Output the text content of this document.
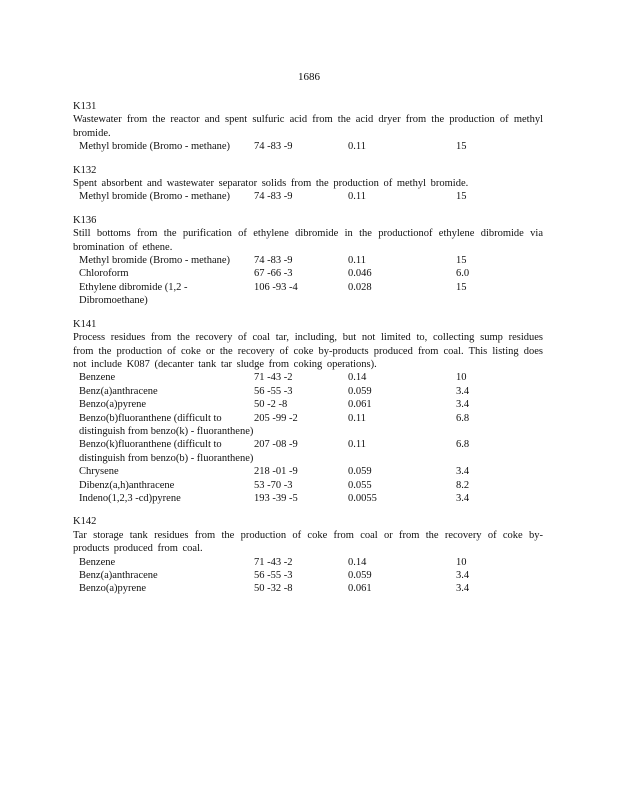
1686
K131
Wastewater from the reactor and spent sulfuric acid from the acid dryer from the production of methyl bromide.
Methyl bromide (Bromo - methane)	74 -83 -9	0.11	15
K132
Spent absorbent and wastewater separator solids from the production of methyl bromide.
Methyl bromide (Bromo - methane)	74 -83 -9	0.11	15
K136
Still bottoms from the purification of ethylene dibromide in the productionof ethylene dibromide via bromination of ethene.
Methyl bromide (Bromo - methane)	74 -83 -9	0.11	15
Chloroform	67 -66 -3	0.046	6.0
Ethylene dibromide (1,2 - Dibromoethane)	106 -93 -4	0.028	15
K141
Process residues from the recovery of coal tar, including, but not limited to, collecting sump residues from the production of coke or the recovery of coke by-products produced from coal. This listing does not include K087 (decanter tank tar sludge from coking operations).
Benzene	71 -43 -2	0.14	10
Benz(a)anthracene	56 -55 -3	0.059	3.4
Benzo(a)pyrene	50 -2 -8	0.061	3.4
Benzo(b)fluoranthene (difficult to distinguish from benzo(k) - fluoranthene)	205 -99 -2	0.11	6.8
Benzo(k)fluoranthene (difficult to distinguish from benzo(b) - fluoranthene)	207 -08 -9	0.11	6.8
Chrysene	218 -01 -9	0.059	3.4
Dibenz(a,h)anthracene	53 -70 -3	0.055	8.2
Indeno(1,2,3 -cd)pyrene	193 -39 -5	0.0055	3.4
K142
Tar storage tank residues from the production of coke from coal or from the recovery of coke by-products produced from coal.
Benzene	71 -43 -2	0.14	10
Benz(a)anthracene	56 -55 -3	0.059	3.4
Benzo(a)pyrene	50 -32 -8	0.061	3.4
